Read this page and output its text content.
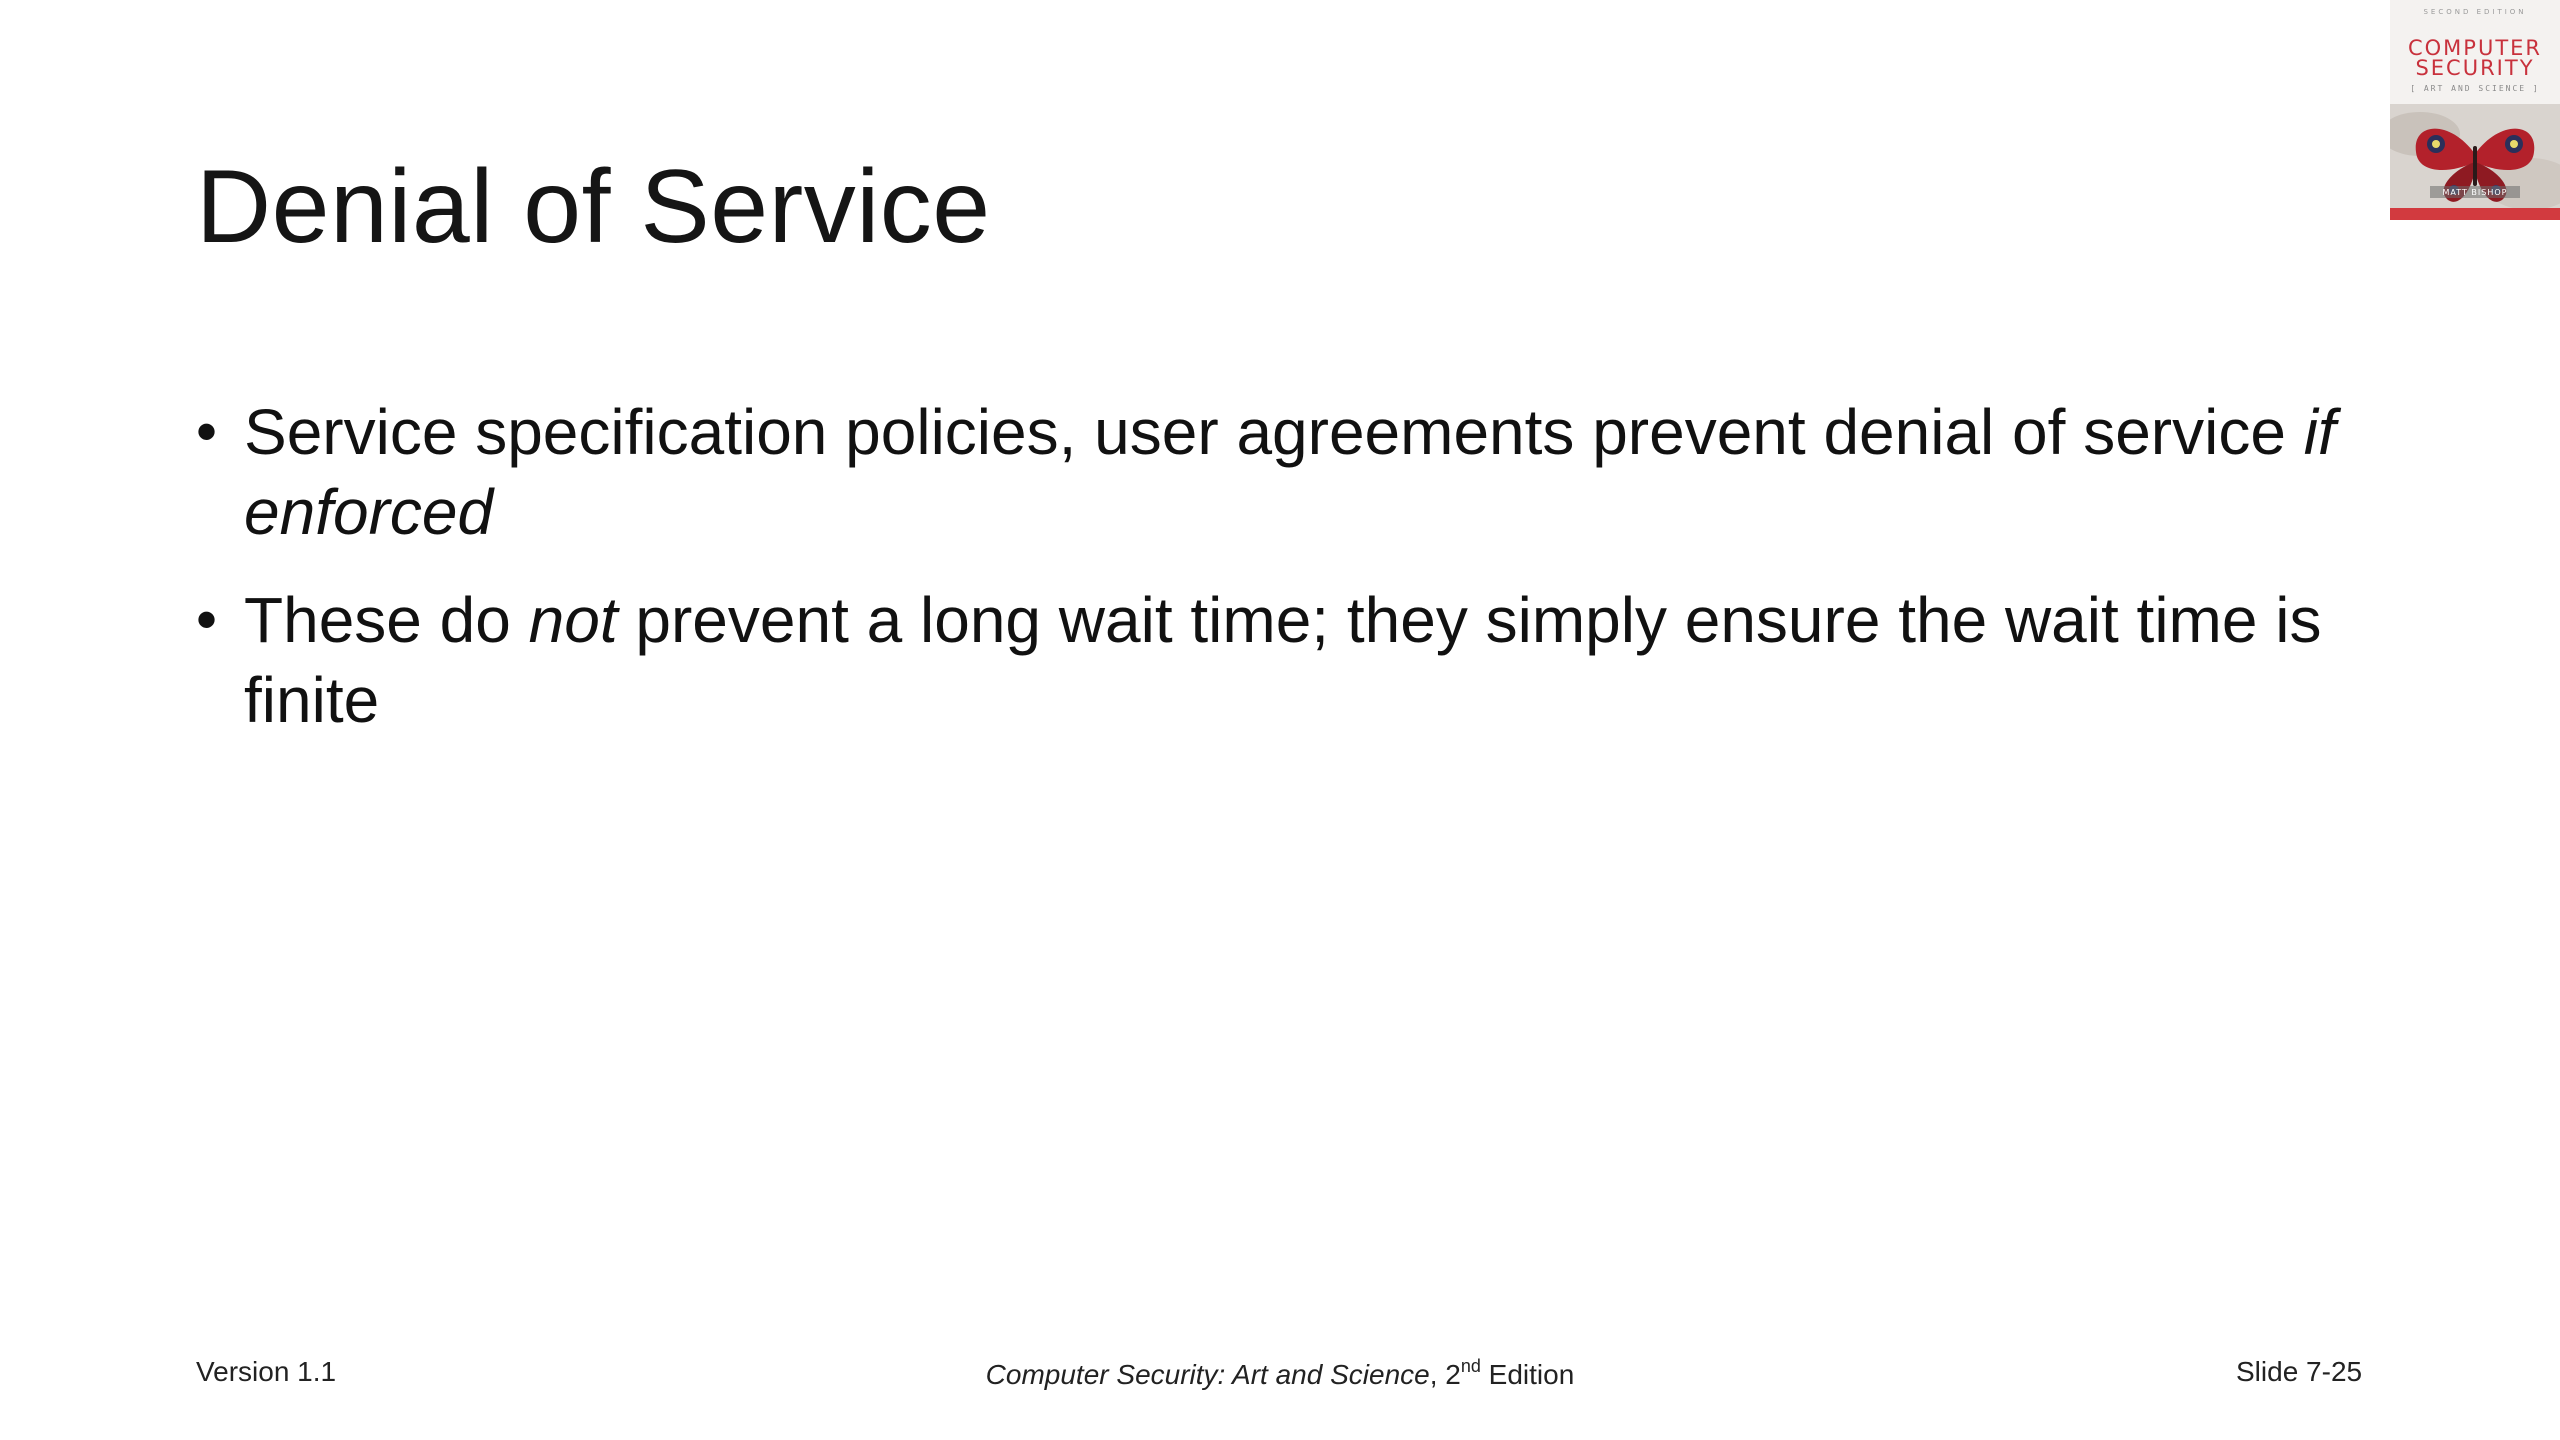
Denial of Service
• Service specification policies, user agreements prevent denial of service if enforced
• These do not prevent a long wait time; they simply ensure the wait time is finite
SECOND EDITION
COMPUTER
SECURITY
[ ART AND SCIENCE ]
MATT BISHOP
Version 1.1	Computer Security: Art and Science, 2nd Edition	Slide 7-25
